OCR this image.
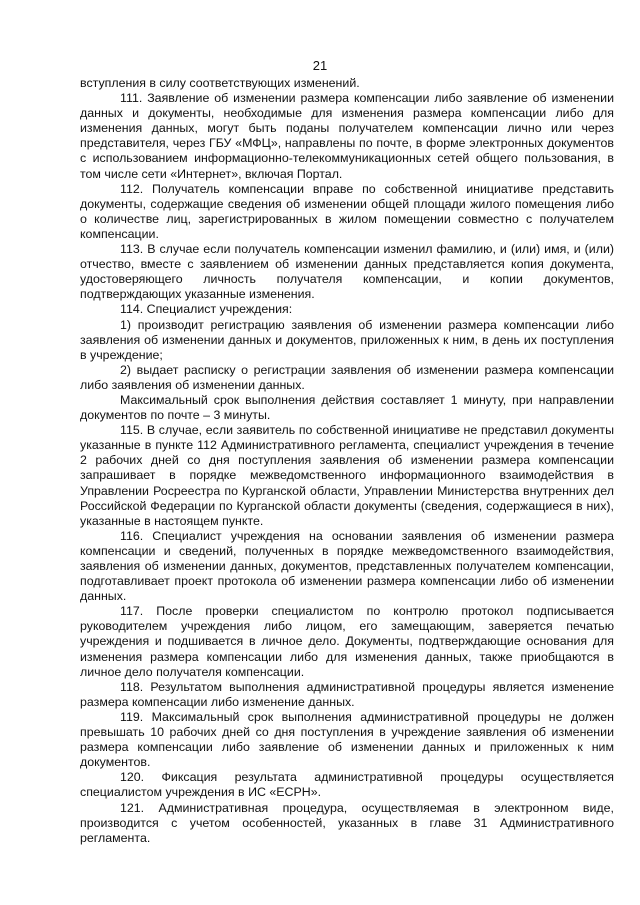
21

вступления в силу соответствующих изменений.

111. Заявление об изменении размера компенсации либо заявление об изменении данных и документы, необходимые для изменения размера компенсации либо для изменения данных, могут быть поданы получателем компенсации лично или через представителя, через ГБУ «МФЦ», направлены по почте, в форме электронных документов с использованием информационно-телекоммуникационных сетей общего пользования, в том числе сети «Интернет», включая Портал.

112. Получатель компенсации вправе по собственной инициативе представить документы, содержащие сведения об изменении общей площади жилого помещения либо о количестве лиц, зарегистрированных в жилом помещении совместно с получателем компенсации.

113. В случае если получатель компенсации изменил фамилию, и (или) имя, и (или) отчество, вместе с заявлением об изменении данных представляется копия документа, удостоверяющего личность получателя компенсации, и копии документов, подтверждающих указанные изменения.

114. Специалист учреждения:

1) производит регистрацию заявления об изменении размера компенсации либо заявления об изменении данных и документов, приложенных к ним, в день их поступления в учреждение;

2) выдает расписку о регистрации заявления об изменении размера компенсации либо заявления об изменении данных.

Максимальный срок выполнения действия составляет 1 минуту, при направлении документов по почте – 3 минуты.

115. В случае, если заявитель по собственной инициативе не представил документы указанные в пункте 112 Административного регламента, специалист учреждения в течение 2 рабочих дней со дня поступления заявления об изменении размера компенсации запрашивает в порядке межведомственного информационного взаимодействия в Управлении Росреестра по Курганской области, Управлении Министерства внутренних дел Российской Федерации по Курганской области документы (сведения, содержащиеся в них), указанные в настоящем пункте.

116. Специалист учреждения на основании заявления об изменении размера компенсации и сведений, полученных в порядке межведомственного взаимодействия, заявления об изменении данных, документов, представленных получателем компенсации, подготавливает проект протокола об изменении размера компенсации либо об изменении данных.

117. После проверки специалистом по контролю протокол подписывается руководителем учреждения либо лицом, его замещающим, заверяется печатью учреждения и подшивается в личное дело. Документы, подтверждающие основания для изменения размера компенсации либо для изменения данных, также приобщаются в личное дело получателя компенсации.

118. Результатом выполнения административной процедуры является изменение размера компенсации либо изменение данных.

119. Максимальный срок выполнения административной процедуры не должен превышать 10 рабочих дней со дня поступления в учреждение заявления об изменении размера компенсации либо заявление об изменении данных и приложенных к ним документов.

120. Фиксация результата административной процедуры осуществляется специалистом учреждения в ИС «ЕСРН».

121. Административная процедура, осуществляемая в электронном виде, производится с учетом особенностей, указанных в главе 31 Административного регламента.
